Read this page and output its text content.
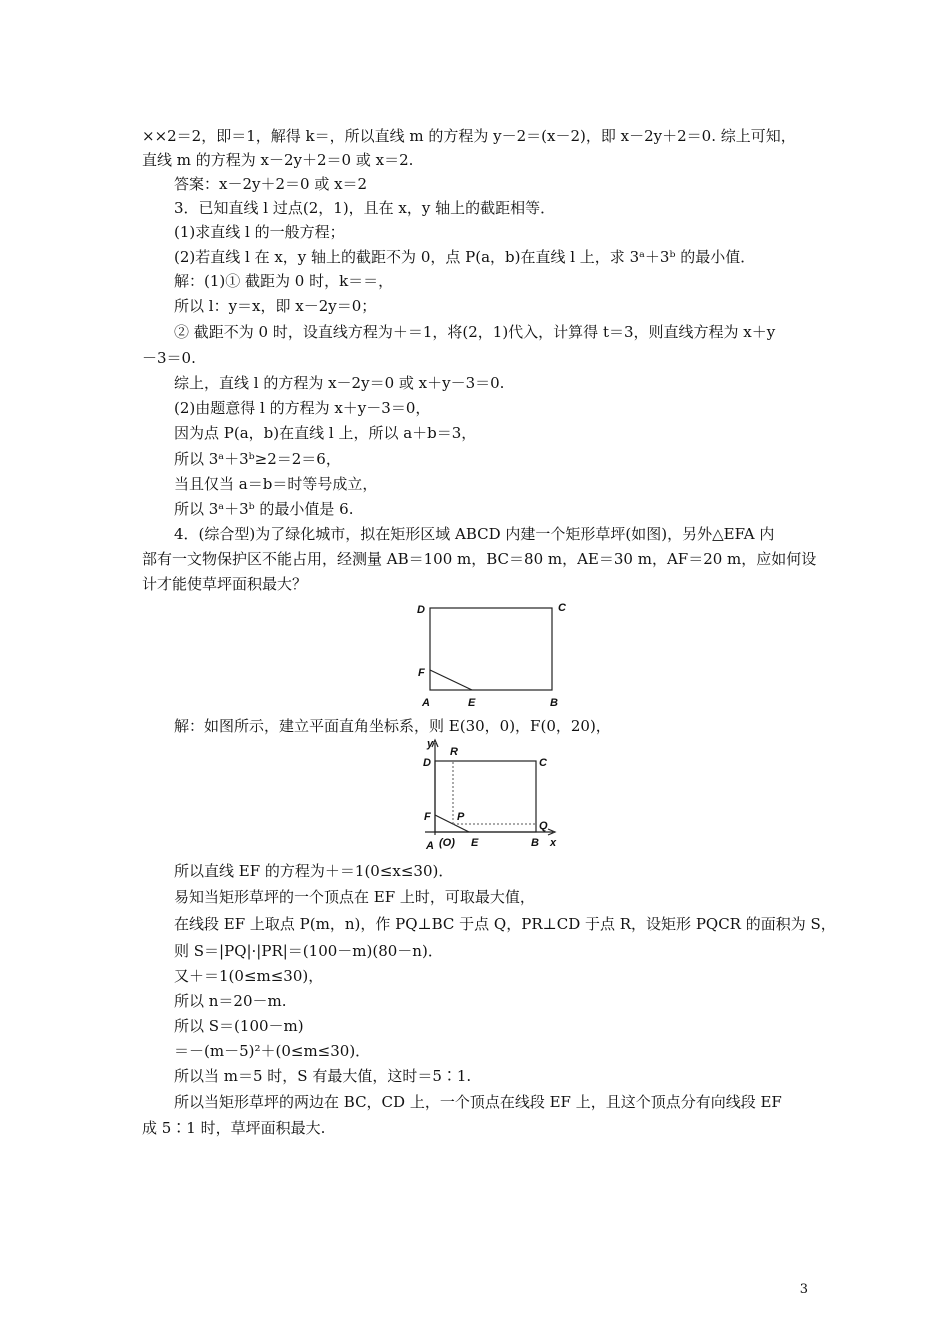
××2＝2，即＝1，解得 k＝，所以直线 m 的方程为 y－2＝(x－2)，即 x－2y＋2＝0. 综上可知，
直线 m 的方程为 x－2y＋2＝0 或 x＝2.
答案：x－2y＋2＝0 或 x＝2
3．已知直线 l 过点(2，1)，且在 x，y 轴上的截距相等．
(1)求直线 l 的一般方程；
(2)若直线 l 在 x，y 轴上的截距不为 0，点 P(a，b)在直线 l 上，求 3ᵃ＋3ᵇ 的最小值．
解：(1)① 截距为 0 时，k＝＝，
所以 l：y＝x，即 x－2y＝0；
② 截距不为 0 时，设直线方程为＋＝1，将(2，1)代入，计算得 t＝3，则直线方程为 x＋y
－3＝0.
综上，直线 l 的方程为 x－2y＝0 或 x＋y－3＝0.
(2)由题意得 l 的方程为 x＋y－3＝0，
因为点 P(a，b)在直线 l 上，所以 a＋b＝3，
所以 3ᵃ＋3ᵇ≥2＝2＝6，
当且仅当 a＝b＝时等号成立，
所以 3ᵃ＋3ᵇ 的最小值是 6.
4．(综合型)为了绿化城市，拟在矩形区域 ABCD 内建一个矩形草坪(如图)，另外△EFA 内
部有一文物保护区不能占用，经测量 AB＝100 m，BC＝80 m，AE＝30 m，AF＝20 m，应如何设
计才能使草坪面积最大？
D	C
F
A	E	B
解：如图所示，建立平面直角坐标系，则 E(30，0)，F(0，20)，
y
R
D	C
P
F
Q
A (O) E	B x
所以直线 EF 的方程为＋＝1(0≤x≤30)．
易知当矩形草坪的一个顶点在 EF 上时，可取最大值，
在线段 EF 上取点 P(m，n)，作 PQ⊥BC 于点 Q，PR⊥CD 于点 R，设矩形 PQCR 的面积为 S，
则 S＝|PQ|·|PR|＝(100－m)(80－n)．
又＋＝1(0≤m≤30)，
所以 n＝20－m.
所以 S＝(100－m)
＝－(m－5)²＋(0≤m≤30)．
所以当 m＝5 时，S 有最大值，这时＝5∶1.
所以当矩形草坪的两边在 BC，CD 上，一个顶点在线段 EF 上，且这个顶点分有向线段 EF
成 5∶1 时，草坪面积最大.
3
